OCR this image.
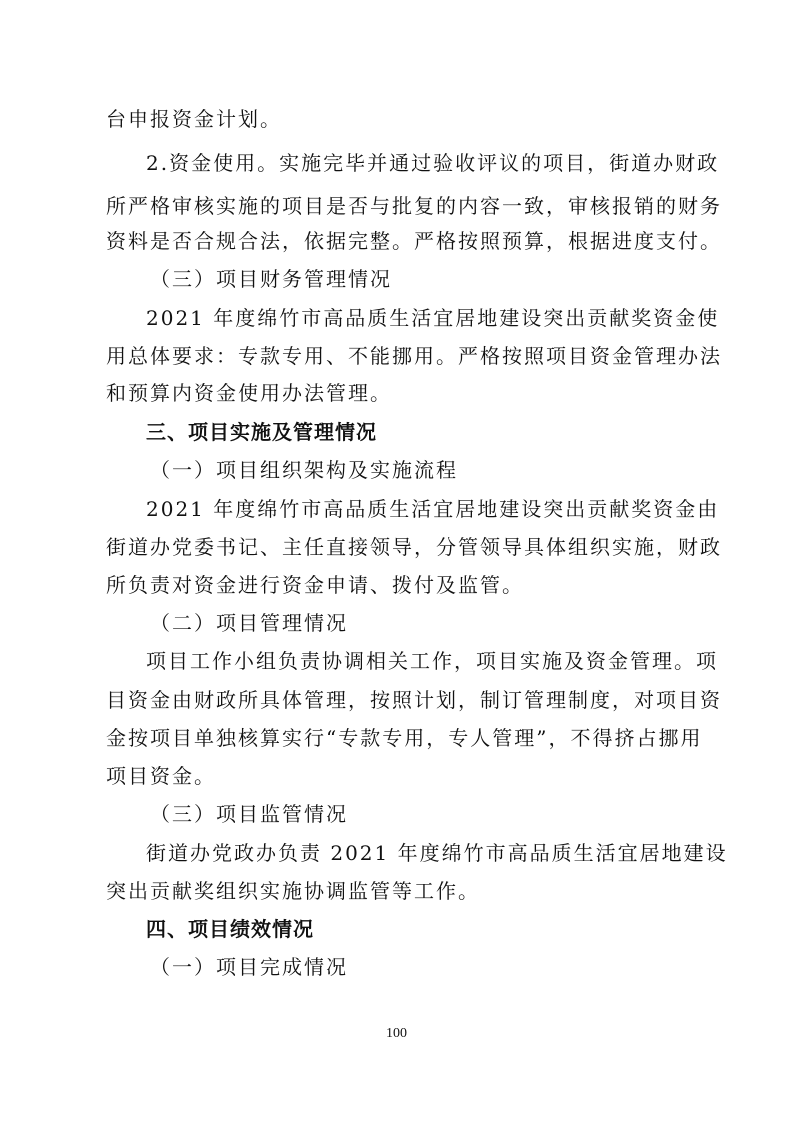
台申报资金计划。
2.资金使用。实施完毕并通过验收评议的项目，街道办财政
所严格审核实施的项目是否与批复的内容一致，审核报销的财务
资料是否合规合法，依据完整。严格按照预算，根据进度支付。
（三）项目财务管理情况
2021 年度绵竹市高品质生活宜居地建设突出贡献奖资金使
用总体要求：专款专用、不能挪用。严格按照项目资金管理办法
和预算内资金使用办法管理。
三、项目实施及管理情况
（一）项目组织架构及实施流程
2021 年度绵竹市高品质生活宜居地建设突出贡献奖资金由
街道办党委书记、主任直接领导，分管领导具体组织实施，财政
所负责对资金进行资金申请、拨付及监管。
（二）项目管理情况
项目工作小组负责协调相关工作，项目实施及资金管理。项
目资金由财政所具体管理，按照计划，制订管理制度，对项目资
金按项目单独核算实行“专款专用，专人管理”，不得挤占挪用
项目资金。
（三）项目监管情况
街道办党政办负责 2021 年度绵竹市高品质生活宜居地建设
突出贡献奖组织实施协调监管等工作。
四、项目绩效情况
（一）项目完成情况
100
